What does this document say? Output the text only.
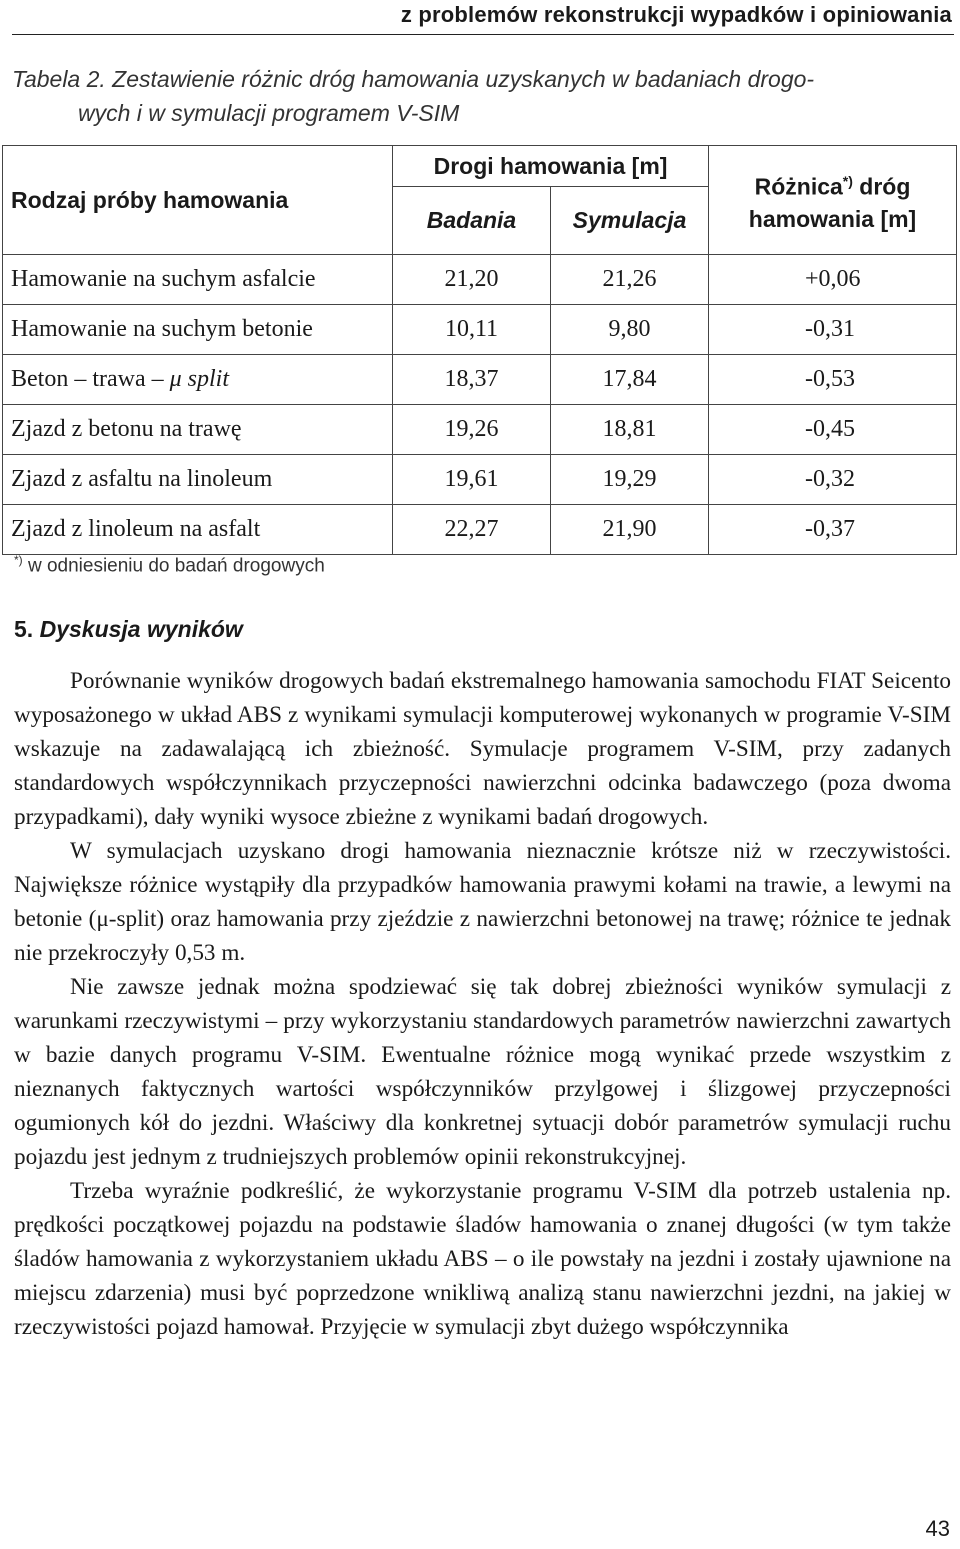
z problemów rekonstrukcji wypadków i opiniowania
Tabela 2. Zestawienie różnic dróg hamowania uzyskanych w badaniach drogo-
wych i w symulacji programem V-SIM
Rodzaj próby hamowania	Drogi hamowania [m]		Różnica*) dróg
hamowania [m]
	Badania	Symulacja	
Hamowanie na suchym asfalcie	21,20	21,26	+0,06
Hamowanie na suchym betonie	10,11	9,80	-0,31
Beton – trawa – μ split	18,37	17,84	-0,53
Zjazd z betonu na trawę	19,26	18,81	-0,45
Zjazd z asfaltu na linoleum	19,61	19,29	-0,32
Zjazd z linoleum na asfalt	22,27	21,90	-0,37
*) w odniesieniu do badań drogowych
5. Dyskusja wyników

Porównanie wyników drogowych badań ekstremalnego hamowania samochodu FIAT Seicento wyposażonego w układ ABS z wynikami symulacji komputerowej wykonanych w programie V-SIM wskazuje na zadawalającą ich zbieżność. Symulacje programem V-SIM, przy zadanych standardowych współczynnikach przyczepności nawierzchni odcinka badawczego (poza dwoma przypadkami), dały wyniki wysoce zbieżne z wynikami badań drogowych.

W symulacjach uzyskano drogi hamowania nieznacznie krótsze niż w rzeczywistości. Największe różnice wystąpiły dla przypadków hamowania prawymi kołami na trawie, a lewymi na betonie (μ-split) oraz hamowania przy zjeździe z nawierzchni betonowej na trawę; różnice te jednak nie przekroczyły 0,53 m.

Nie zawsze jednak można spodziewać się tak dobrej zbieżności wyników symulacji z warunkami rzeczywistymi – przy wykorzystaniu standardowych parametrów nawierzchni zawartych w bazie danych programu V-SIM. Ewentualne różnice mogą wynikać przede wszystkim z nieznanych faktycznych wartości współczynników przylgowej i ślizgowej przyczepności ogumionych kół do jezdni. Właściwy dla konkretnej sytuacji dobór parametrów symulacji ruchu pojazdu jest jednym z trudniejszych problemów opinii rekonstrukcyjnej.

Trzeba wyraźnie podkreślić, że wykorzystanie programu V-SIM dla potrzeb ustalenia np. prędkości początkowej pojazdu na podstawie śladów hamowania o znanej długości (w tym także śladów hamowania z wykorzystaniem układu ABS – o ile powstały na jezdni i zostały ujawnione na miejscu zdarzenia) musi być poprzedzone wnikliwą analizą stanu nawierzchni jezdni, na jakiej w rzeczywistości pojazd hamował. Przyjęcie w symulacji zbyt dużego współczynnika

43
